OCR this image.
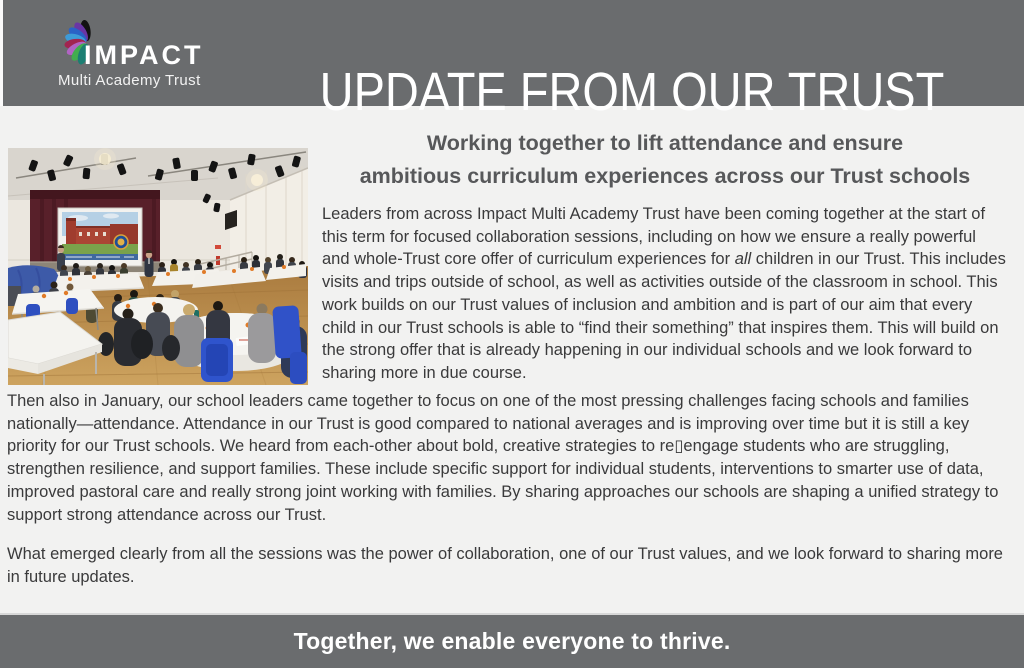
IMPACT
Multi Academy Trust	UPDATE FROM OUR TRUST
Working together to lift attendance and ensure
ambitious curriculum experiences across our Trust schools

Leaders from across Impact Multi Academy Trust have been coming together at the start of this term for focused collaboration sessions, including on how we ensure a really powerful and whole-Trust core offer of curriculum experiences for all children in our Trust. This includes visits and trips outside of school, as well as activities outside of the classroom in school. This work builds on our Trust values of inclusion and ambition and is part of our aim that every child in our Trust schools is able to “find their something” that inspires them. This will build on the strong offer that is already happening in our individual schools and we look forward to sharing more in due course.

Then also in January, our school leaders came together to focus on one of the most pressing challenges facing schools and families nationally—attendance. Attendance in our Trust is good compared to national averages and is improving over time but it is still a key priority for our Trust schools. We heard from each-other about bold, creative strategies to re▯engage students who are struggling, strengthen resilience, and support families. These include specific support for individual students, interventions to smarter use of data, improved pastoral care and really strong joint working with families. By sharing approaches our schools are shaping a unified strategy to support strong attendance across our Trust.

What emerged clearly from all the sessions was the power of collaboration, one of our Trust values, and we look forward to sharing more in future updates.

Together, we enable everyone to thrive.
